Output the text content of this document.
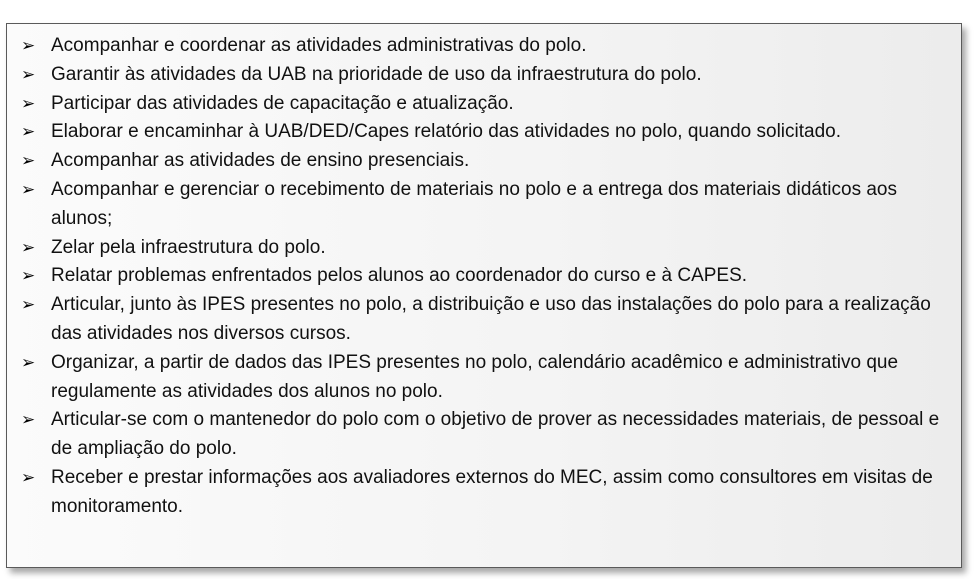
➢ Acompanhar e coordenar as atividades administrativas do polo.
➢ Garantir às atividades da UAB na prioridade de uso da infraestrutura do polo.
➢ Participar das atividades de capacitação e atualização.
➢ Elaborar e encaminhar à UAB/DED/Capes relatório das atividades no polo, quando solicitado.
➢ Acompanhar as atividades de ensino presenciais.
➢ Acompanhar e gerenciar o recebimento de materiais no polo e a entrega dos materiais didáticos aos alunos;
➢ Zelar pela infraestrutura do polo.
➢ Relatar problemas enfrentados pelos alunos ao coordenador do curso e à CAPES.
➢ Articular, junto às IPES presentes no polo, a distribuição e uso das instalações do polo para a realização das atividades nos diversos cursos.
➢ Organizar, a partir de dados das IPES presentes no polo, calendário acadêmico e administrativo que regulamente as atividades dos alunos no polo.
➢ Articular-se com o mantenedor do polo com o objetivo de prover as necessidades materiais, de pessoal e de ampliação do polo.
➢ Receber e prestar informações aos avaliadores externos do MEC, assim como consultores em visitas de monitoramento.
